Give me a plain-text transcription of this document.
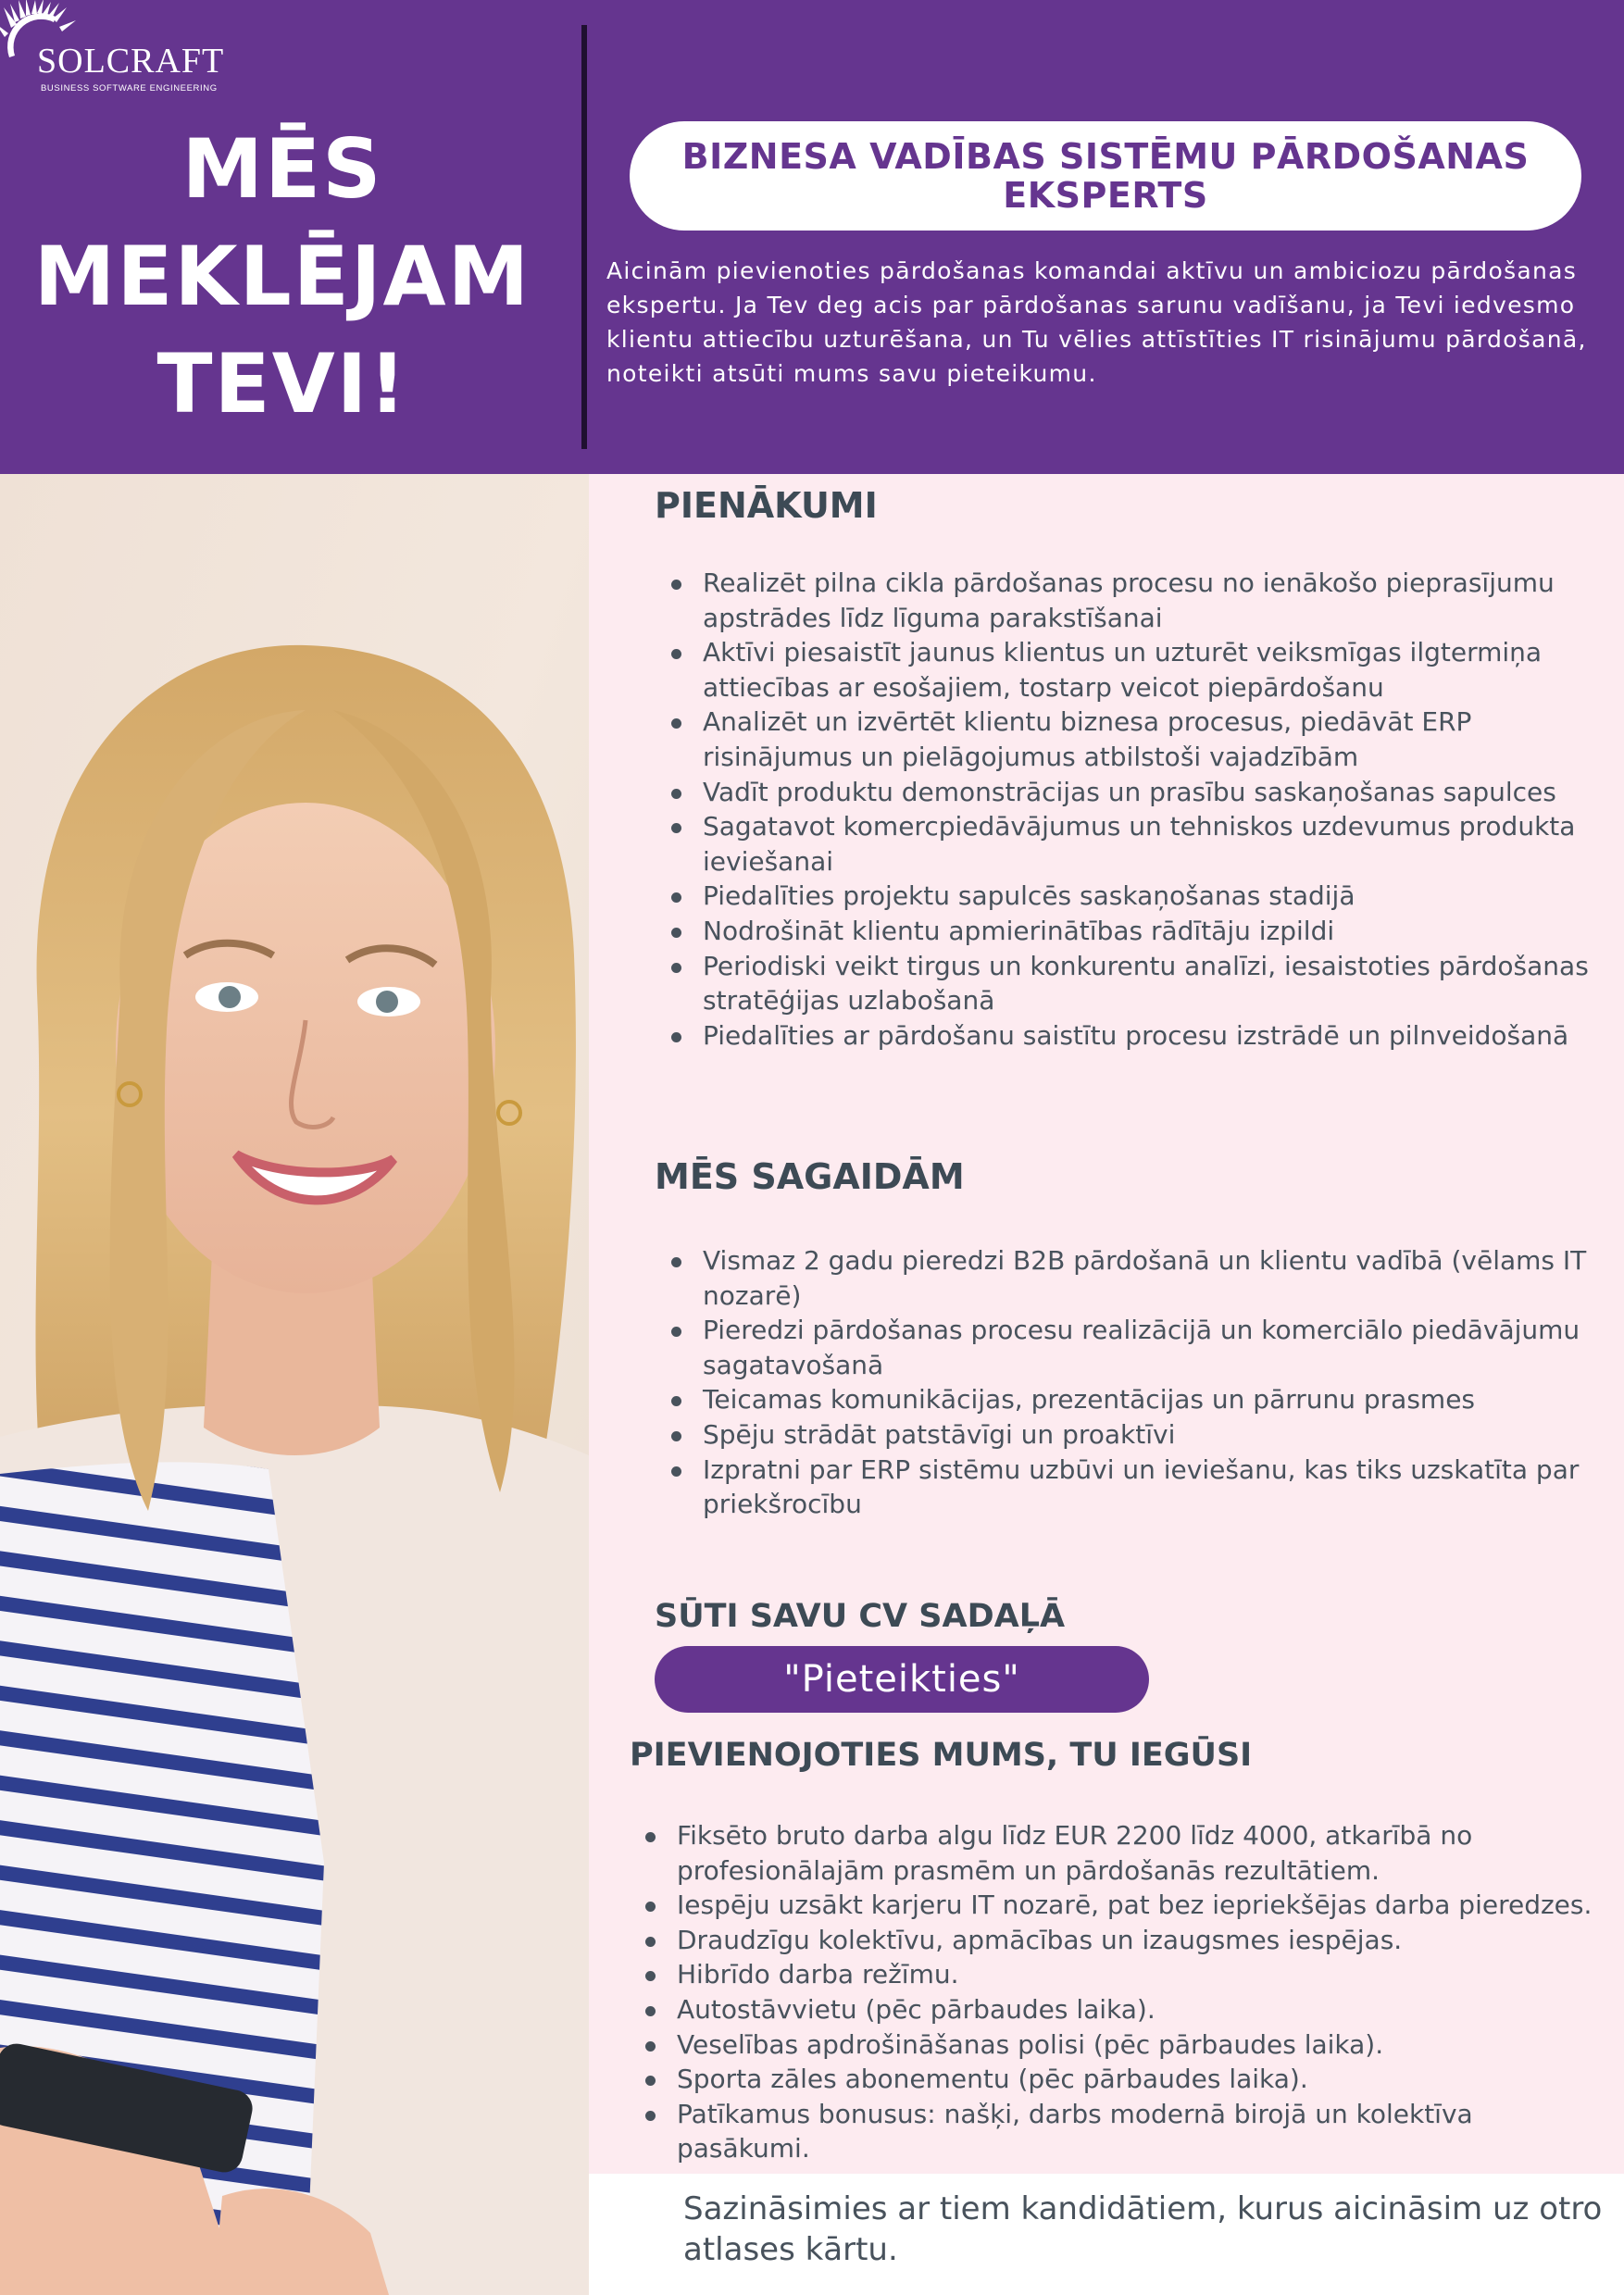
SOLCRAFT
BUSINESS SOFTWARE ENGINEERING
MĒS MEKLĒJAM TEVI!
BIZNESA VADĪBAS SISTĒMU PĀRDOŠANAS EKSPERTS
Aicinām pievienoties pārdošanas komandai aktīvu un ambiciozu pārdošanas ekspertu. Ja Tev deg acis par pārdošanas sarunu vadīšanu, ja Tevi iedvesmo klientu attiecību uzturēšana, un Tu vēlies attīstīties IT risinājumu pārdošanā, noteikti atsūti mums savu pieteikumu.
PIENĀKUMI
Realizēt pilna cikla pārdošanas procesu no ienākošo pieprasījumu apstrādes līdz līguma parakstīšanai
Aktīvi piesaistīt jaunus klientus un uzturēt veiksmīgas ilgtermiņa attiecības ar esošajiem, tostarp veicot piepārdošanu
Analizēt un izvērtēt klientu biznesa procesus, piedāvāt ERP risinājumus un pielāgojumus atbilstoši vajadzībām
Vadīt produktu demonstrācijas un prasību saskaņošanas sapulces
Sagatavot komercpiedāvājumus un tehniskos uzdevumus produkta ieviešanai
Piedalīties projektu sapulcēs saskaņošanas stadijā
Nodrošināt klientu apmierinātības rādītāju izpildi
Periodiski veikt tirgus un konkurentu analīzi, iesaistoties pārdošanas stratēģijas uzlabošanā
Piedalīties ar pārdošanu saistītu procesu izstrādē un pilnveidošanā
MĒS SAGAIDĀM
Vismaz 2 gadu pieredzi B2B pārdošanā un klientu vadībā (vēlams IT nozarē)
Pieredzi pārdošanas procesu realizācijā un komerciālo piedāvājumu sagatavošanā
Teicamas komunikācijas, prezentācijas un pārrunu prasmes
Spēju strādāt patstāvīgi un proaktīvi
Izpratni par ERP sistēmu uzbūvi un ieviešanu, kas tiks uzskatīta par priekšrocību
SŪTI SAVU CV SADAĻĀ
"Pieteikties"
PIEVIENOJOTIES MUMS, TU IEGŪSI
Fiksēto bruto darba algu līdz EUR 2200 līdz 4000, atkarībā no profesionālajām prasmēm un pārdošanās rezultātiem.
Iespēju uzsākt karjeru IT nozarē, pat bez iepriekšējas darba pieredzes.
Draudzīgu kolektīvu, apmācības un izaugsmes iespējas.
Hibrīdo darba režīmu.
Autostāvvietu (pēc pārbaudes laika).
Veselības apdrošināšanas polisi (pēc pārbaudes laika).
Sporta zāles abonementu (pēc pārbaudes laika).
Patīkamus bonusus: našķi, darbs modernā birojā un kolektīva pasākumi.
Sazināsimies ar tiem kandidātiem, kurus aicināsim uz otro atlases kārtu.
